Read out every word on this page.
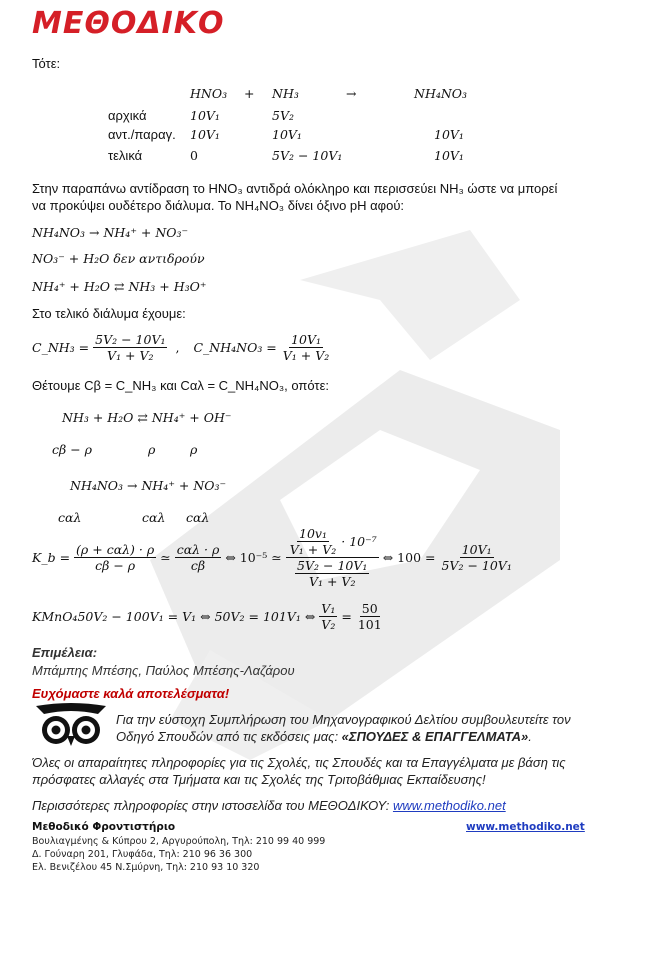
ΜΕΘΟΔΙΚΟ
Τότε:
HNO₃ + NH₃	→	NH₄NO₃
αρχικά	10V₁	5V₂
αντ./παραγ. 10V₁	10V₁	10V₁
τελικά	0	5V₂ − 10V₁	10V₁
Στην παραπάνω αντίδραση το HNO₃ αντιδρά ολόκληρο και περισσεύει NH₃ ώστε να μπορεί
να προκύψει ουδέτερο διάλυμα. Το NH₄NO₃ δίνει όξινο pH αφού:
NH₄NO₃ → NH₄⁺ + NO₃⁻
NO₃⁻ + H₂O δεν αντιδρούν
NH₄⁺ + H₂O ⇄ NH₃ + H₃O⁺
Στο τελικό διάλυμα έχουμε:
C_NH₃ = $\frac{\text{5V₂ − 10V₁}}{\text{V₁ + V₂}}$ , C_NH₄NO₃ = $\frac{\text{10V₁}}{\text{V₁ + V₂}}$
Θέτουμε Cβ = C_NH₃ και Cαλ = C_NH₄NO₃, οπότε:
NH₃ + H₂O ⇄ NH₄⁺ + OH⁻
cβ − ρ	ρ	ρ
NH₄NO₃ → NH₄⁺ + NO₃⁻
cαλ	cαλ cαλ
K_b = $\frac{\text{(ρ + cαλ) · ρ}}{c\beta - \rho}$ ≃ $\frac{\text{cαλ · ρ}}{c\beta}$ ⇔ 10⁻⁵ ≃ $\frac{\frac{\text{10v₁}}{\text{V₁ + V₂}} \cdot 10^{-7}}{\frac{\text{5V₂ − 10V₁}}{\text{V₁ + V₂}}}$ ⇔ $100 = \frac{\text{10V₁}}{\text{5V₂ − 10V₁}}$
KMnO₄50V₂ − 100V₁ = V₁ ⇔ 50V₂ = 101V₁ ⇔ $\frac{\text{V₁}}{\text{V₂}} = \frac{50}{101}$
Επιμέλεια:
Μπάμπης Μπέσης, Παύλος Μπέσης-Λαζάρου
Ευχόμαστε καλά αποτελέσματα!
Για την εύστοχη Συμπλήρωση του Μηχανογραφικού Δελτίου συμβουλευτείτε τον
Οδηγό Σπουδών από τις εκδόσεις μας: «ΣΠΟΥΔΕΣ & ΕΠΑΓΓΕΛΜΑΤΑ».
Όλες οι απαραίτητες πληροφορίες για τις Σχολές, τις Σπουδές και τα Επαγγέλματα με βάση τις
πρόσφατες αλλαγές στα Τμήματα και τις Σχολές της Τριτοβάθμιας Εκπαίδευσης!
Περισσότερες πληροφορίες στην ιστοσελίδα του ΜΕΘΟΔΙΚΟΥ: www.methodiko.net
Μεθοδικό Φροντιστήριο	www.methodiko.net
Βουλιαγμένης & Κύπρου 2, Αργυρούπολη, Τηλ: 210 99 40 999
Δ. Γούναρη 201, Γλυφάδα, Τηλ: 210 96 36 300
Ελ. Βενιζέλου 45 Ν.Σμύρνη, Τηλ: 210 93 10 320
